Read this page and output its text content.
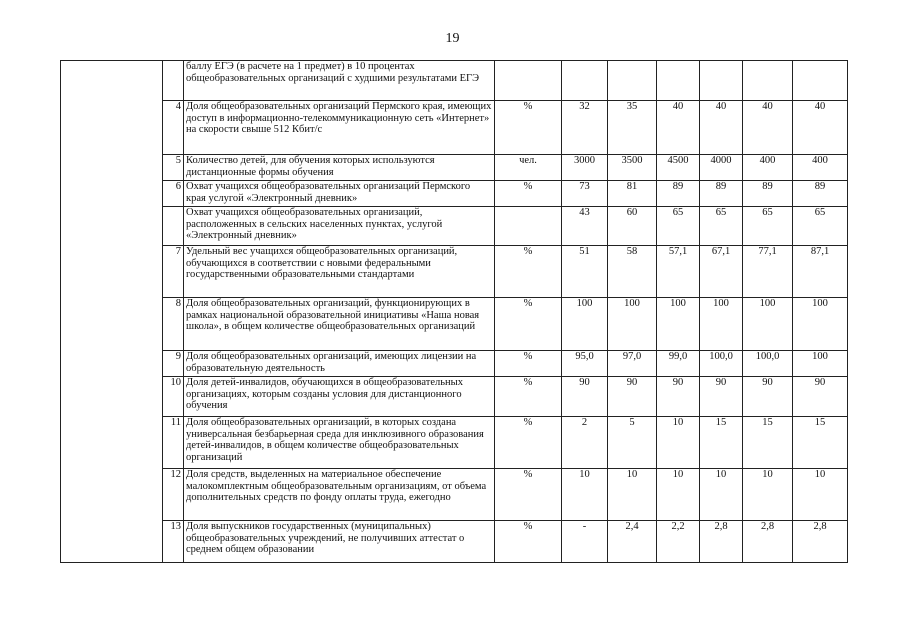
19
		баллу ЕГЭ (в расчете на 1 предмет) в 10 процентах общеобразовательных организаций с худшими результатами ЕГЭ							
	4	Доля общеобразовательных организаций Пермского края, имеющих доступ в информационно-телекоммуникационную сеть «Интернет» на скорости свыше 512 Кбит/с	%	32	35	40	40	40	40
	5	Количество детей, для обучения которых используются дистанционные формы обучения	чел.	3000	3500	4500	4000	400	400
	6	Охват учащихся общеобразовательных организаций Пермского края услугой «Электронный дневник»	%	73	81	89	89	89	89
		Охват учащихся общеобразовательных организаций, расположенных в сельских населенных пунктах, услугой «Электронный дневник»		43	60	65	65	65	65
	7	Удельный вес учащихся общеобразовательных организаций, обучающихся в соответствии с новыми федеральными государственными образовательными стандартами	%	51	58	57,1	67,1	77,1	87,1
	8	Доля общеобразовательных организаций, функционирующих в рамках национальной образовательной инициативы «Наша новая школа», в общем количестве общеобразовательных организаций	%	100	100	100	100	100	100
	9	Доля общеобразовательных организаций, имеющих лицензии на образовательную деятельность	%	95,0	97,0	99,0	100,0	100,0	100
	10	Доля детей-инвалидов, обучающихся в общеобразовательных организациях, которым созданы условия для дистанционного обучения	%	90	90	90	90	90	90
	11	Доля общеобразовательных организаций, в которых создана универсальная безбарьерная среда для инклюзивного образования детей-инвалидов, в общем количестве общеобразовательных организаций	%	2	5	10	15	15	15
	12	Доля средств, выделенных на материальное обеспечение малокомплектным общеобразовательным организациям, от объема дополнительных средств по фонду оплаты труда, ежегодно	%	10	10	10	10	10	10
	13	Доля выпускников государственных (муниципальных) общеобразовательных учреждений, не получивших аттестат о среднем общем образовании	%	-	2,4	2,2	2,8	2,8	2,8
